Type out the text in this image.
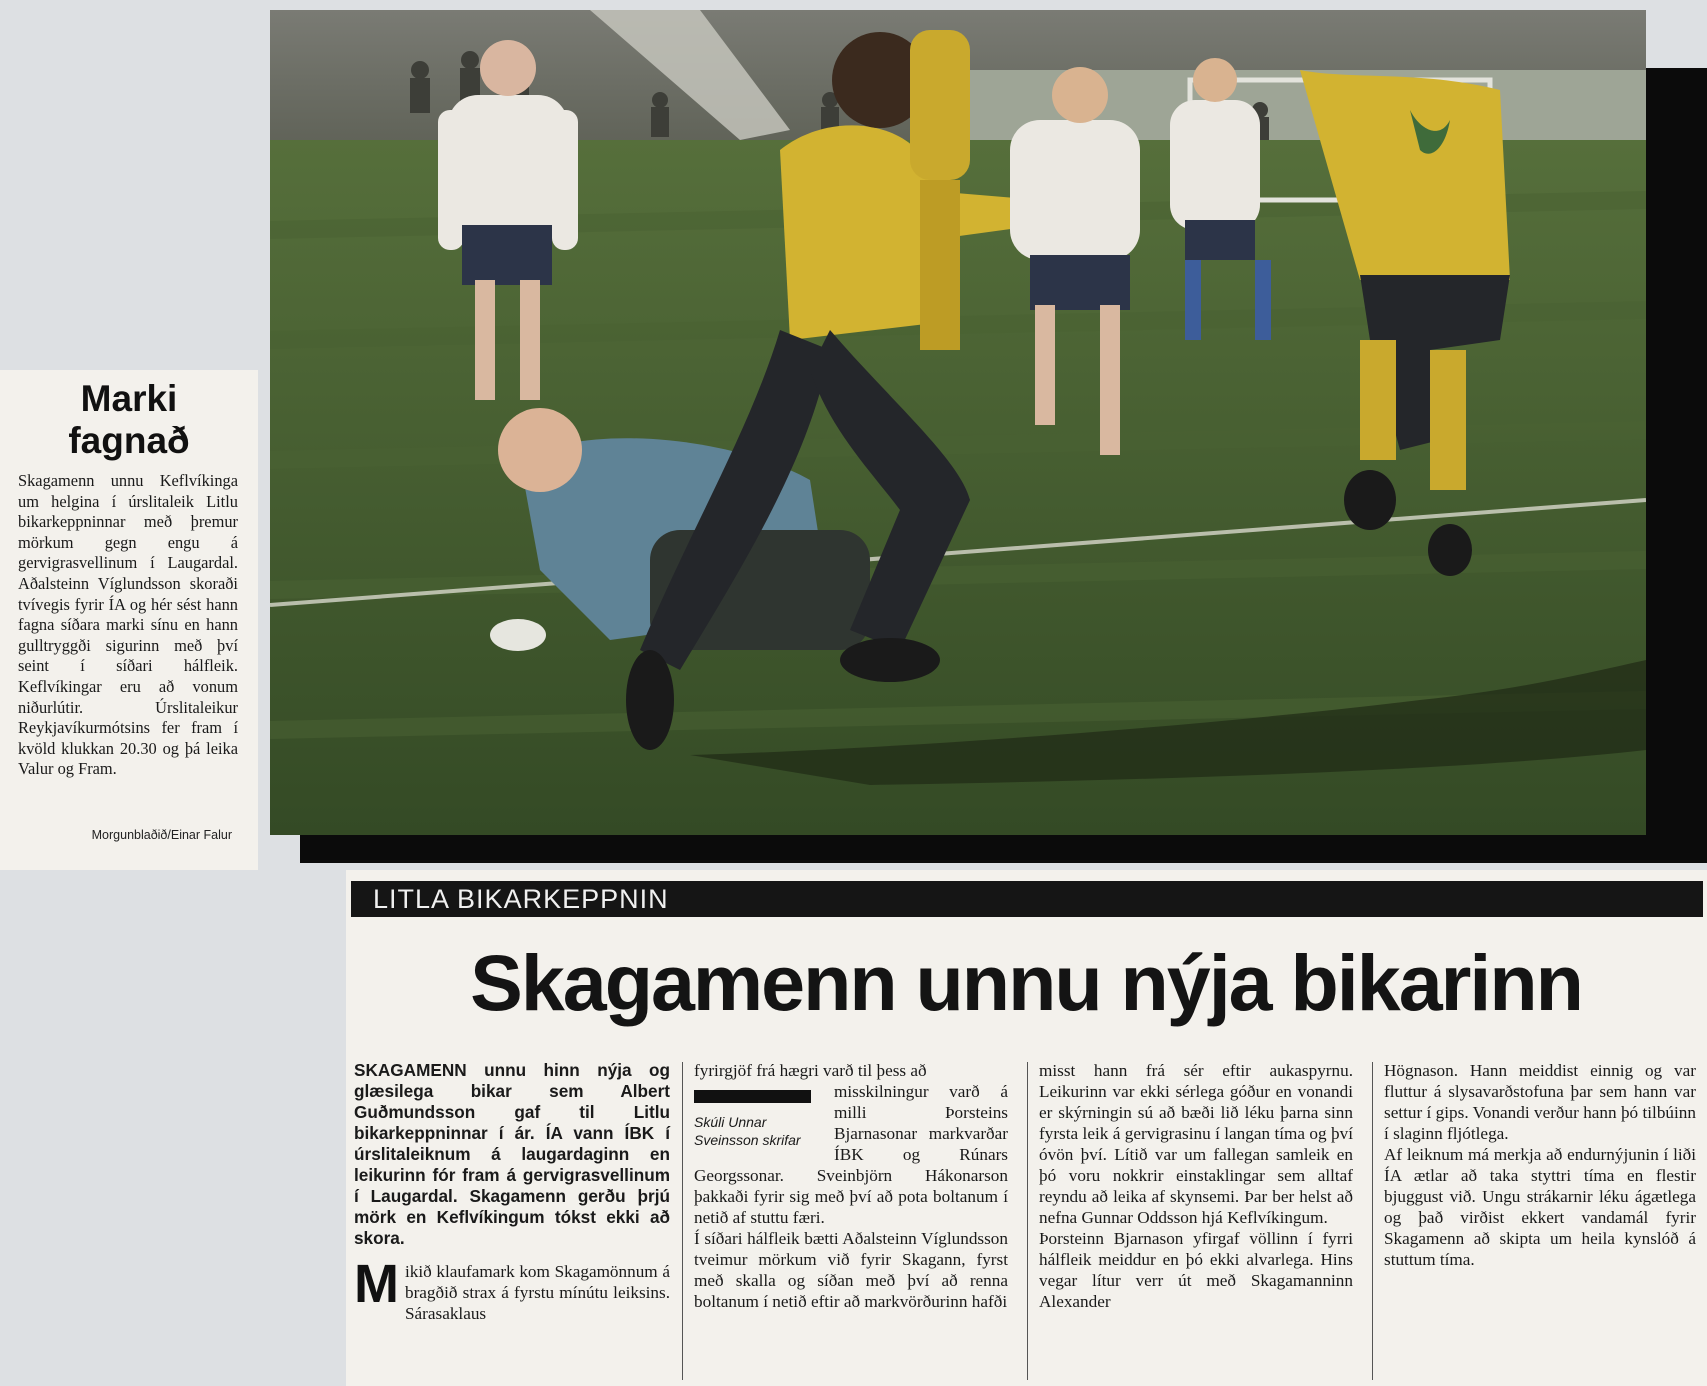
Marki
fagnað
Skagamenn unnu Keflvíkinga um helgina í úrslitaleik Litlu bikarkeppninnar með þremur mörkum gegn engu á gervigrasvellinum í Laugardal. Aðalsteinn Víglundsson skoraði tvívegis fyrir ÍA og hér sést hann fagna síðara marki sínu en hann gulltryggði sigurinn með því seint í síðari hálfleik. Keflvíkingar eru að vonum niðurlútir. Úrslitaleikur Reykjavíkurmótsins fer fram í kvöld klukkan 20.30 og þá leika Valur og Fram.
Morgunblaðið/Einar Falur
LITLA BIKARKEPPNIN
Skagamenn unnu nýja bikarinn

SKAGAMENN unnu hinn nýja og glæsilega bikar sem Albert Guðmundsson gaf til Litlu bikarkeppninnar í ár. ÍA vann ÍBK í úrslitaleiknum á laugardaginn en leikurinn fór fram á gervigrasvellinum í Laugardal. Skagamenn gerðu þrjú mörk en Keflvíkingum tókst ekki að skora.

Mikið klaufamark kom Skagamönnum á bragðið strax á fyrstu mínútu leiksins. Sárasaklaus

fyrirgjöf frá hægri varð til þess að

Skúli Unnar Sveinsson skrifar

misskilningur varð á milli Þorsteins Bjarnasonar markvarðar ÍBK og Rúnars Georgssonar. Sveinbjörn Hákonarson þakkaði fyrir sig með því að pota boltanum í netið af stuttu færi.

Í síðari hálfleik bætti Aðalsteinn Víglundsson tveimur mörkum við fyrir Skagann, fyrst með skalla og síðan með því að renna boltanum í netið eftir að markvörðurinn hafði

misst hann frá sér eftir aukaspyrnu. Leikurinn var ekki sérlega góður en vonandi er skýrningin sú að bæði lið léku þarna sinn fyrsta leik á gervigrasinu í langan tíma og því óvön því. Lítið var um fallegan samleik en þó voru nokkrir einstaklingar sem alltaf reyndu að leika af skynsemi. Þar ber helst að nefna Gunnar Oddsson hjá Keflvíkingum.

Þorsteinn Bjarnason yfirgaf völlinn í fyrri hálfleik meiddur en þó ekki alvarlega. Hins vegar lítur verr út með Skagamanninn Alexander

Högnason. Hann meiddist einnig og var fluttur á slysavarðstofuna þar sem hann var settur í gips. Vonandi verður hann þó tilbúinn í slaginn fljótlega.

Af leiknum má merkja að endurnýjunin í liði ÍA ætlar að taka styttri tíma en flestir bjuggust við. Ungu strákarnir léku ágætlega og það virðist ekkert vandamál fyrir Skagamenn að skipta um heila kynslóð á stuttum tíma.
